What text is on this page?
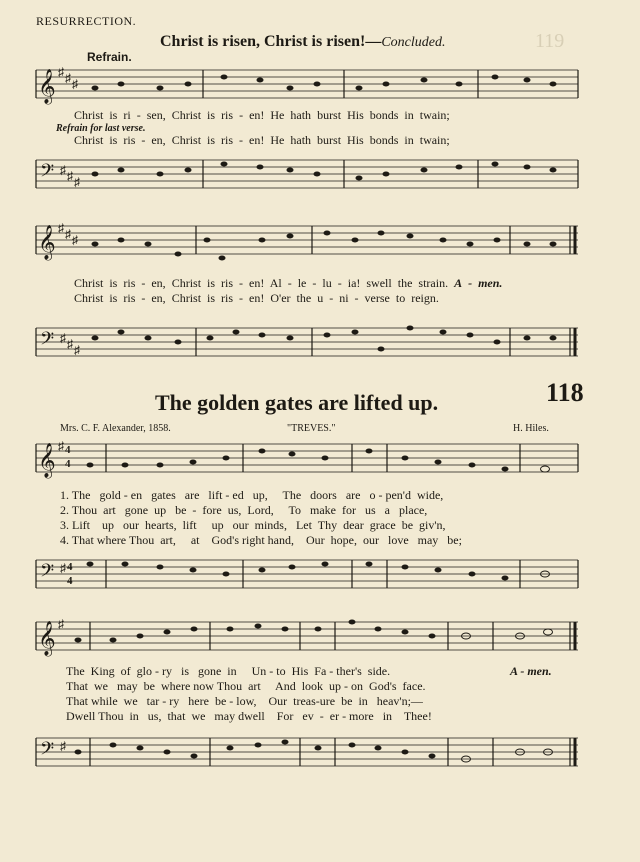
RESURRECTION.
119
Christ is risen, Christ is risen!—Concluded.
Refrain.
𝄞 ♯ ♯ ♯
Christ is ri - sen, Christ is ris - en! He hath burst His bonds in twain;
Refrain for last verse.
Christ is ris - en, Christ is ris - en! He hath burst His bonds in twain;
𝄢 ♯ ♯ ♯
𝄞 ♯ ♯ ♯
Christ is ris - en, Christ is ris - en! Al - le - lu - ia! swell the strain. A - men.
Christ is ris - en, Christ is ris - en! O'er the u - ni - verse to reign.
𝄢 ♯ ♯ ♯
The golden gates are lifted up.	118
Mrs. C. F. Alexander, 1858.	"TREVES."	H. Hiles.
𝄞 ♯ 4
4
1. The   gold - en   gates   are   lift - ed   up,     The   doors   are   o - pen'd  wide,
2. Thou  art   gone  up   be  -  fore  us,  Lord,     To   make  for   us   a   place,
3. Lift    up   our  hearts,  lift     up   our  minds,   Let  Thy  dear  grace  be  giv'n,
4. That where Thou  art,     at    God's right hand,    Our  hope,  our   love   may   be;
𝄢 ♯ 4
4
𝄞 ♯
The  King  of  glo - ry   is   gone  in     Un - to  His  Fa - ther's  side.	A - men.
That  we   may  be  where now Thou  art     And  look  up - on  God's  face.
That while  we   tar - ry   here  be - low,    Our  treas-ure  be  in   heav'n;—
Dwell Thou  in   us,  that  we   may dwell    For   ev  -  er - more   in    Thee!
𝄢 ♯
